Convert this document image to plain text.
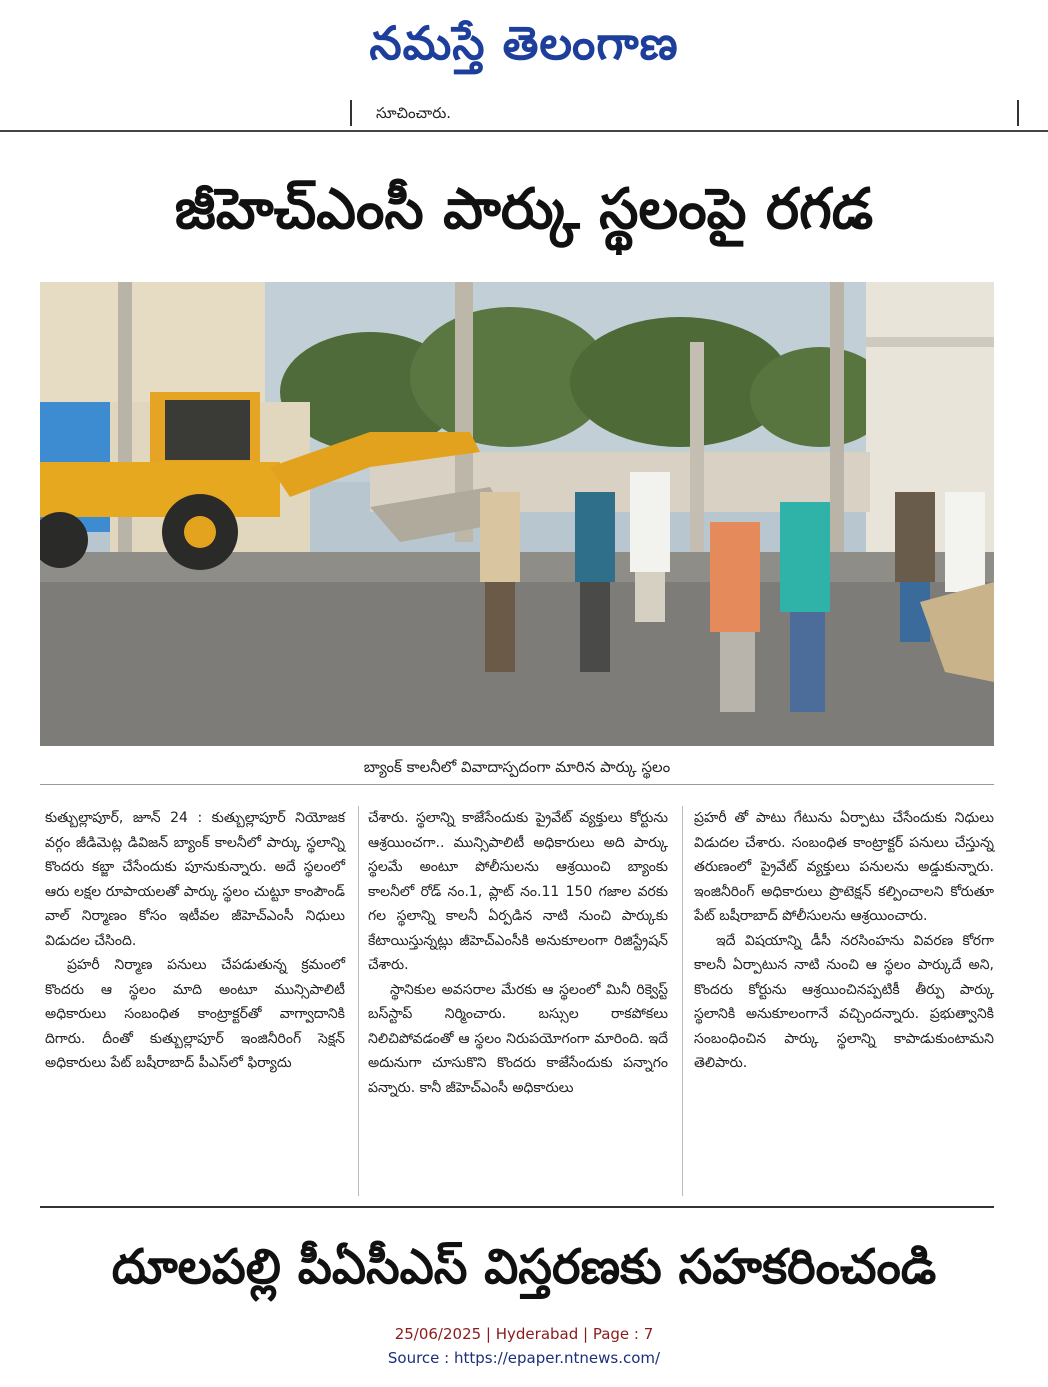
నమస్తే తెలంగాణ
సూచించారు.
జీహెచ్‌ఎంసీ పార్కు స్థలంపై రగడ
బ్యాంక్ కాలనీలో వివాదాస్పదంగా మారిన పార్కు స్థలం

కుత్బుల్లాపూర్, జూన్ 24 : కుత్బుల్లాపూర్ నియోజక వర్గం జీడిమెట్ల డివిజన్ బ్యాంక్ కాలనీలో పార్కు స్థలాన్ని కొందరు కబ్జా చేసేందుకు పూనుకున్నారు. అదే స్థలంలో ఆరు లక్షల రూపాయలతో పార్కు స్థలం చుట్టూ కాంపౌండ్ వాల్ నిర్మాణం కోసం ఇటీవల జీహెచ్‌ఎంసీ నిధులు విడుదల చేసింది.

ప్రహరీ నిర్మాణ పనులు చేపడుతున్న క్రమంలో కొందరు ఆ స్థలం మాది అంటూ మున్సిపాలిటీ అధికారులు సంబంధిత కాంట్రాక్టర్‌తో వాగ్వాదానికి దిగారు. దీంతో కుత్బుల్లాపూర్ ఇంజినీరింగ్ సెక్షన్ అధికారులు పేట్ బషీరాబాద్ పీఎస్‌లో ఫిర్యాదు

చేశారు. స్థలాన్ని కాజేసేందుకు ప్రైవేట్ వ్యక్తులు కోర్టును ఆశ్రయించగా.. మున్సిపాలిటీ అధికారులు అది పార్కు స్థలమే అంటూ పోలీసులను ఆశ్రయించి బ్యాంకు కాలనీలో రోడ్ నం.1, ప్లాట్ నం.11 150 గజాల వరకు గల స్థలాన్ని కాలనీ ఏర్పడిన నాటి నుంచి పార్కుకు కేటాయిస్తున్నట్లు జీహెచ్‌ఎంసీకి అనుకూలంగా రిజిస్ట్రేషన్ చేశారు.

స్థానికుల అవసరాల మేరకు ఆ స్థలంలో మినీ రిక్వెస్ట్ బస్‌స్టాప్ నిర్మించారు. బస్సుల రాకపోకలు నిలిచిపోవడంతో ఆ స్థలం నిరుపయోగంగా మారింది. ఇదే అదునుగా చూసుకొని కొందరు కాజేసేందుకు పన్నాగం పన్నారు. కానీ జీహెచ్‌ఎంసీ అధికారులు

ప్రహరీ తో పాటు గేటును ఏర్పాటు చేసేందుకు నిధులు విడుదల చేశారు. సంబంధిత కాంట్రాక్టర్ పనులు చేస్తున్న తరుణంలో ప్రైవేట్ వ్యక్తులు పనులను అడ్డుకున్నారు. ఇంజినీరింగ్ అధికారులు ప్రొటెక్షన్ కల్పించాలని కోరుతూ పేట్ బషీరాబాద్ పోలీసులను ఆశ్రయించారు.

ఇదే విషయాన్ని డీసీ నరసింహను వివరణ కోరగా కాలనీ ఏర్పాటున నాటి నుంచి ఆ స్థలం పార్కుదే అని, కొందరు కోర్టును ఆశ్రయించినప్పటికీ తీర్పు పార్కు స్థలానికి అనుకూలంగానే వచ్చిందన్నారు. ప్రభుత్వానికి సంబంధించిన పార్కు స్థలాన్ని కాపాడుకుంటామని తెలిపారు.

దూలపల్లి పీఏసీఎస్ విస్తరణకు సహకరించండి
25/06/2025 | Hyderabad | Page : 7
Source : https://epaper.ntnews.com/
